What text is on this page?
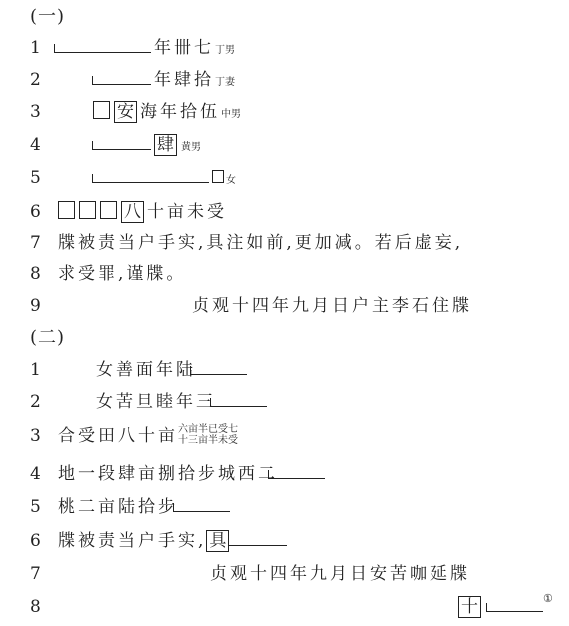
(一)
1	年卌七丁男
2	年肆拾丁妻
3	安 海年拾伍中男
4	肆 黄男
5	女
6	八 十亩未受
7 牒被责当户手实,具注如前,更加减。若后虚妄,
8 求受罪,谨牒。
9	贞观十四年九月日户主李石住牒
(二)
1	女善面年陆
2	女苦旦睦年三
3 合受田八十亩 六亩半已受七
十三亩半未受
4 地一段肆亩捌拾步城西二
5 桃二亩陆拾步
6 牒被责当户手实, 具
7	贞观十四年九月日安苦咖延牒
8	十	①
